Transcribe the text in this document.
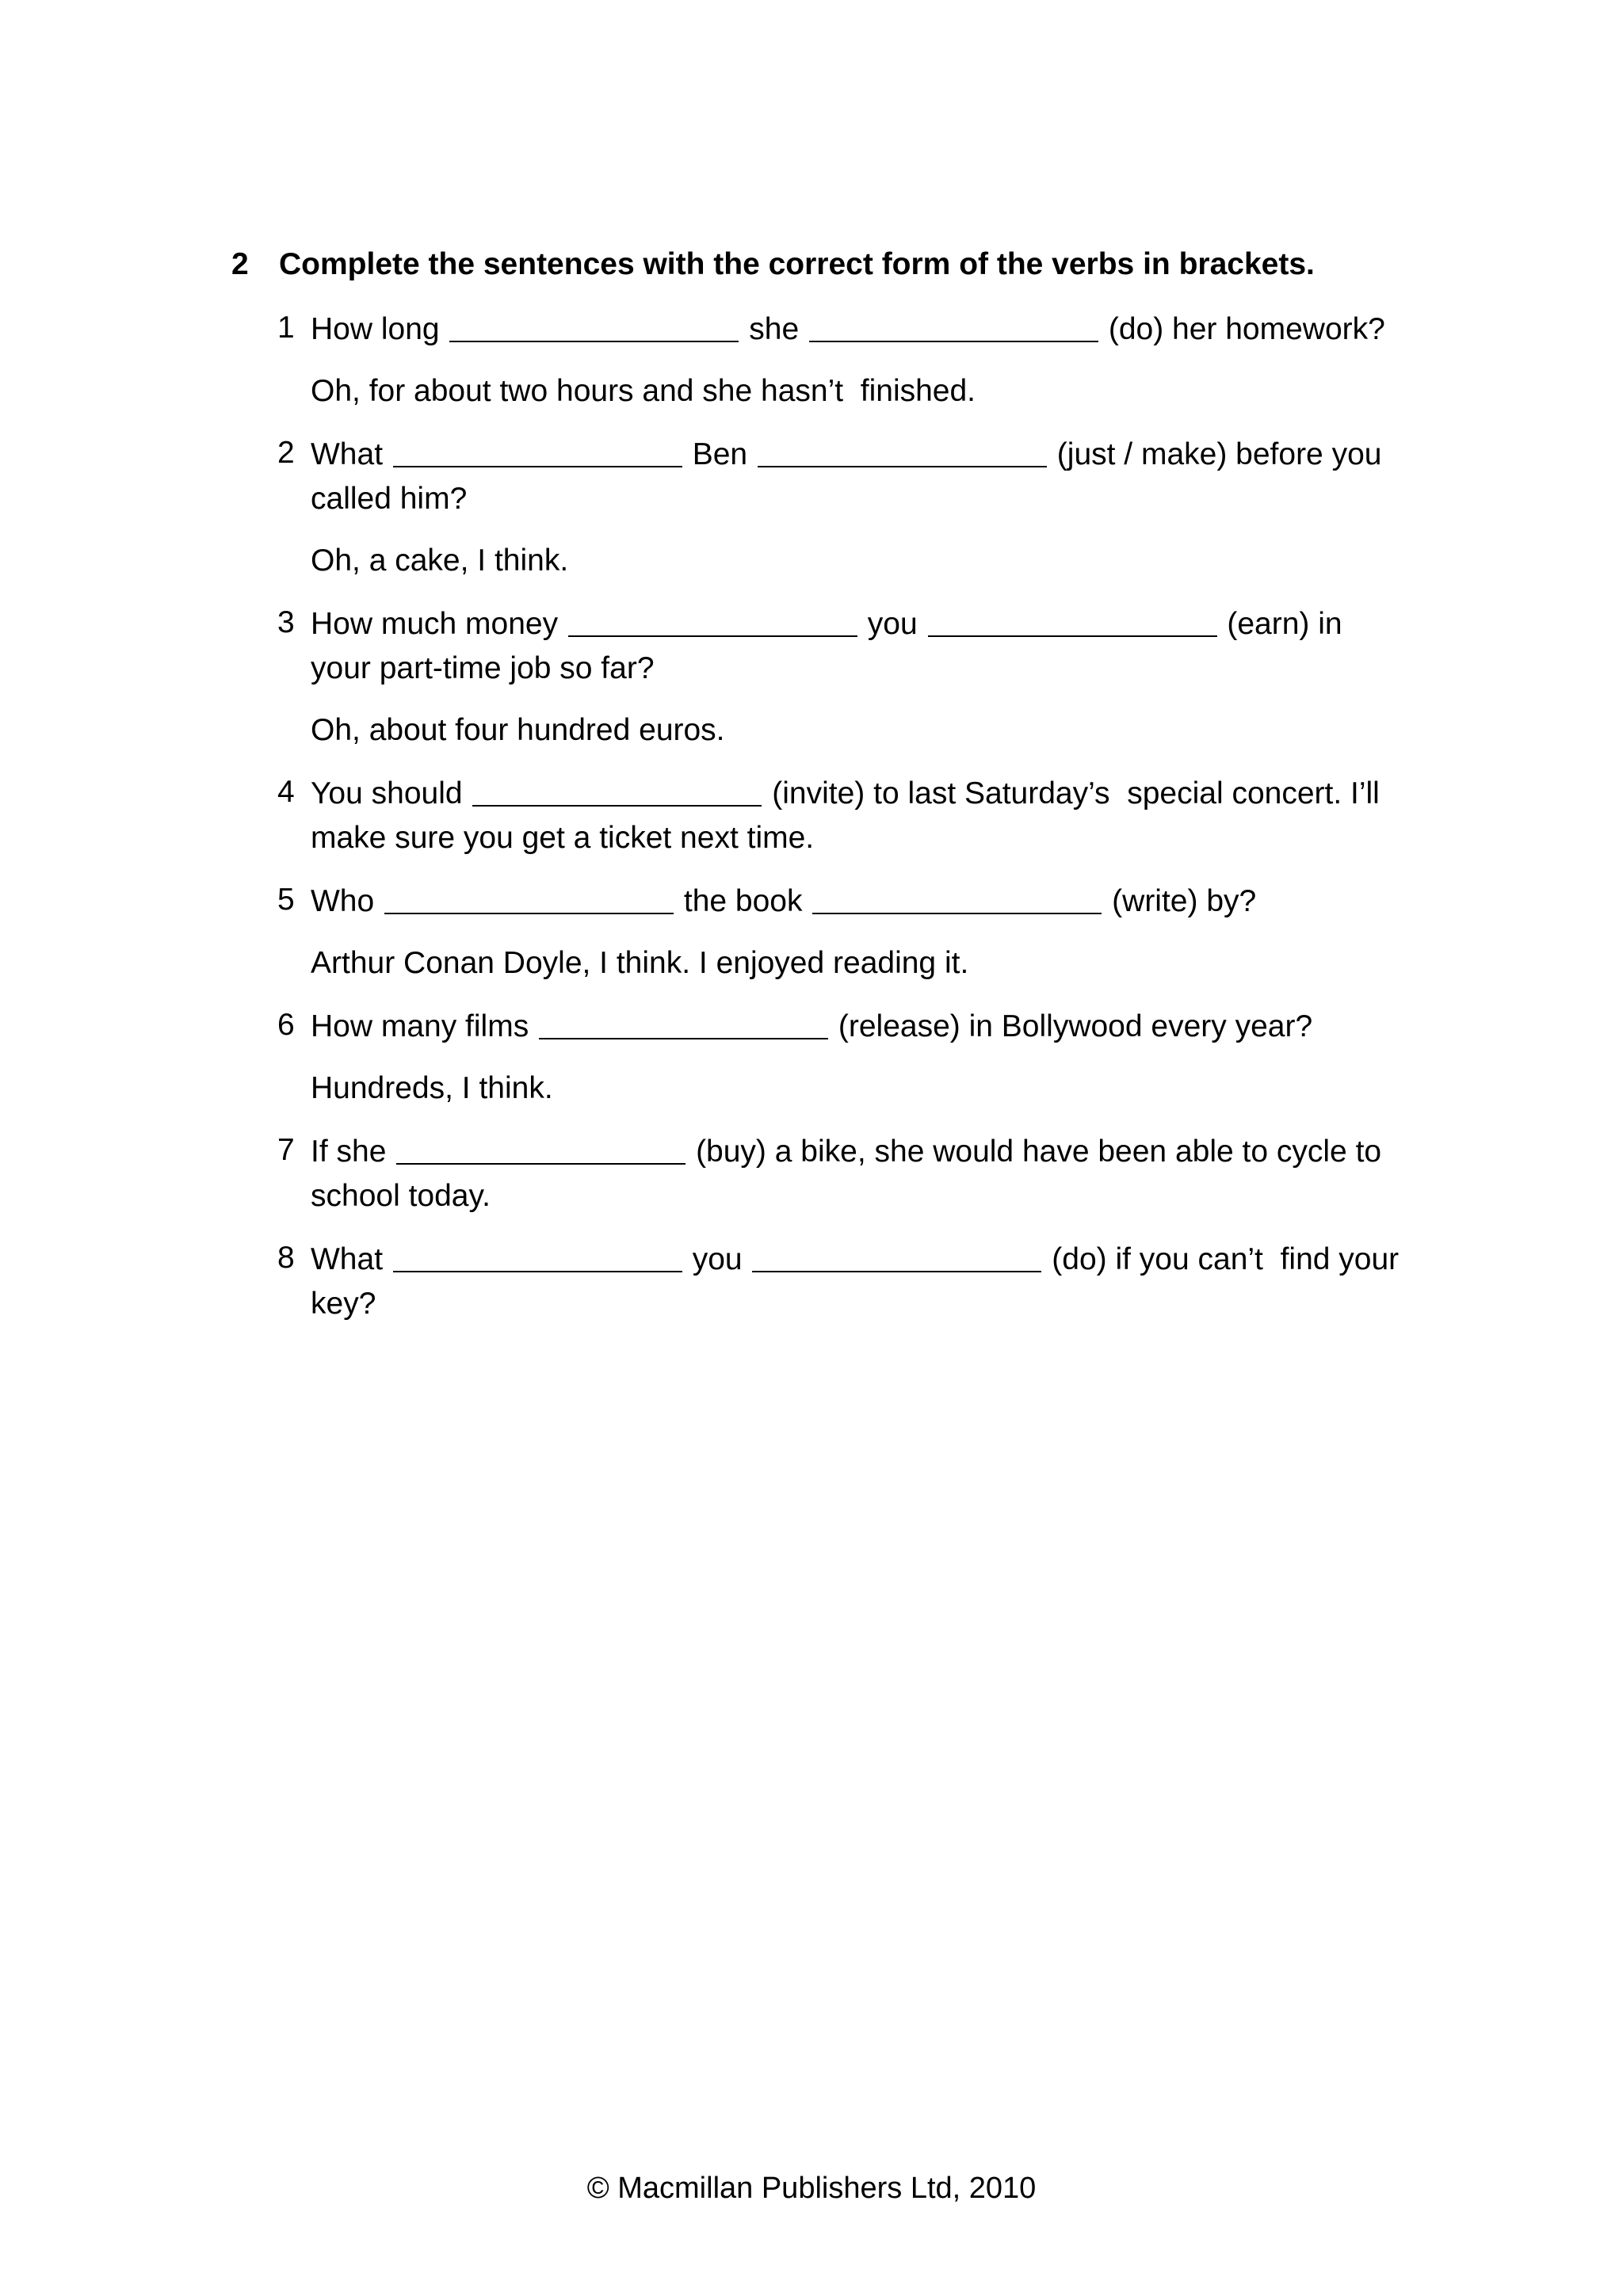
2 Complete the sentences with the correct form of the verbs in brackets.
1 How long	she	(do) her homework?
Oh, for about two hours and she hasn’t  finished.
2 What	Ben	(just / make) before you called him?
Oh, a cake, I think.
3 How much money	you	(earn) in your part-time job so far?
Oh, about four hundred euros.
4 You should	(invite) to last Saturday’s  special concert. I’ll make sure you get a ticket next time.
5 Who	the book	(write) by?
Arthur Conan Doyle, I think. I enjoyed reading it.
6 How many films	(release) in Bollywood every year?
Hundreds, I think.
7 If she	(buy) a bike, she would have been able to cycle to school today.
8 What	you	(do) if you can’t  find your key?
© Macmillan Publishers Ltd, 2010
